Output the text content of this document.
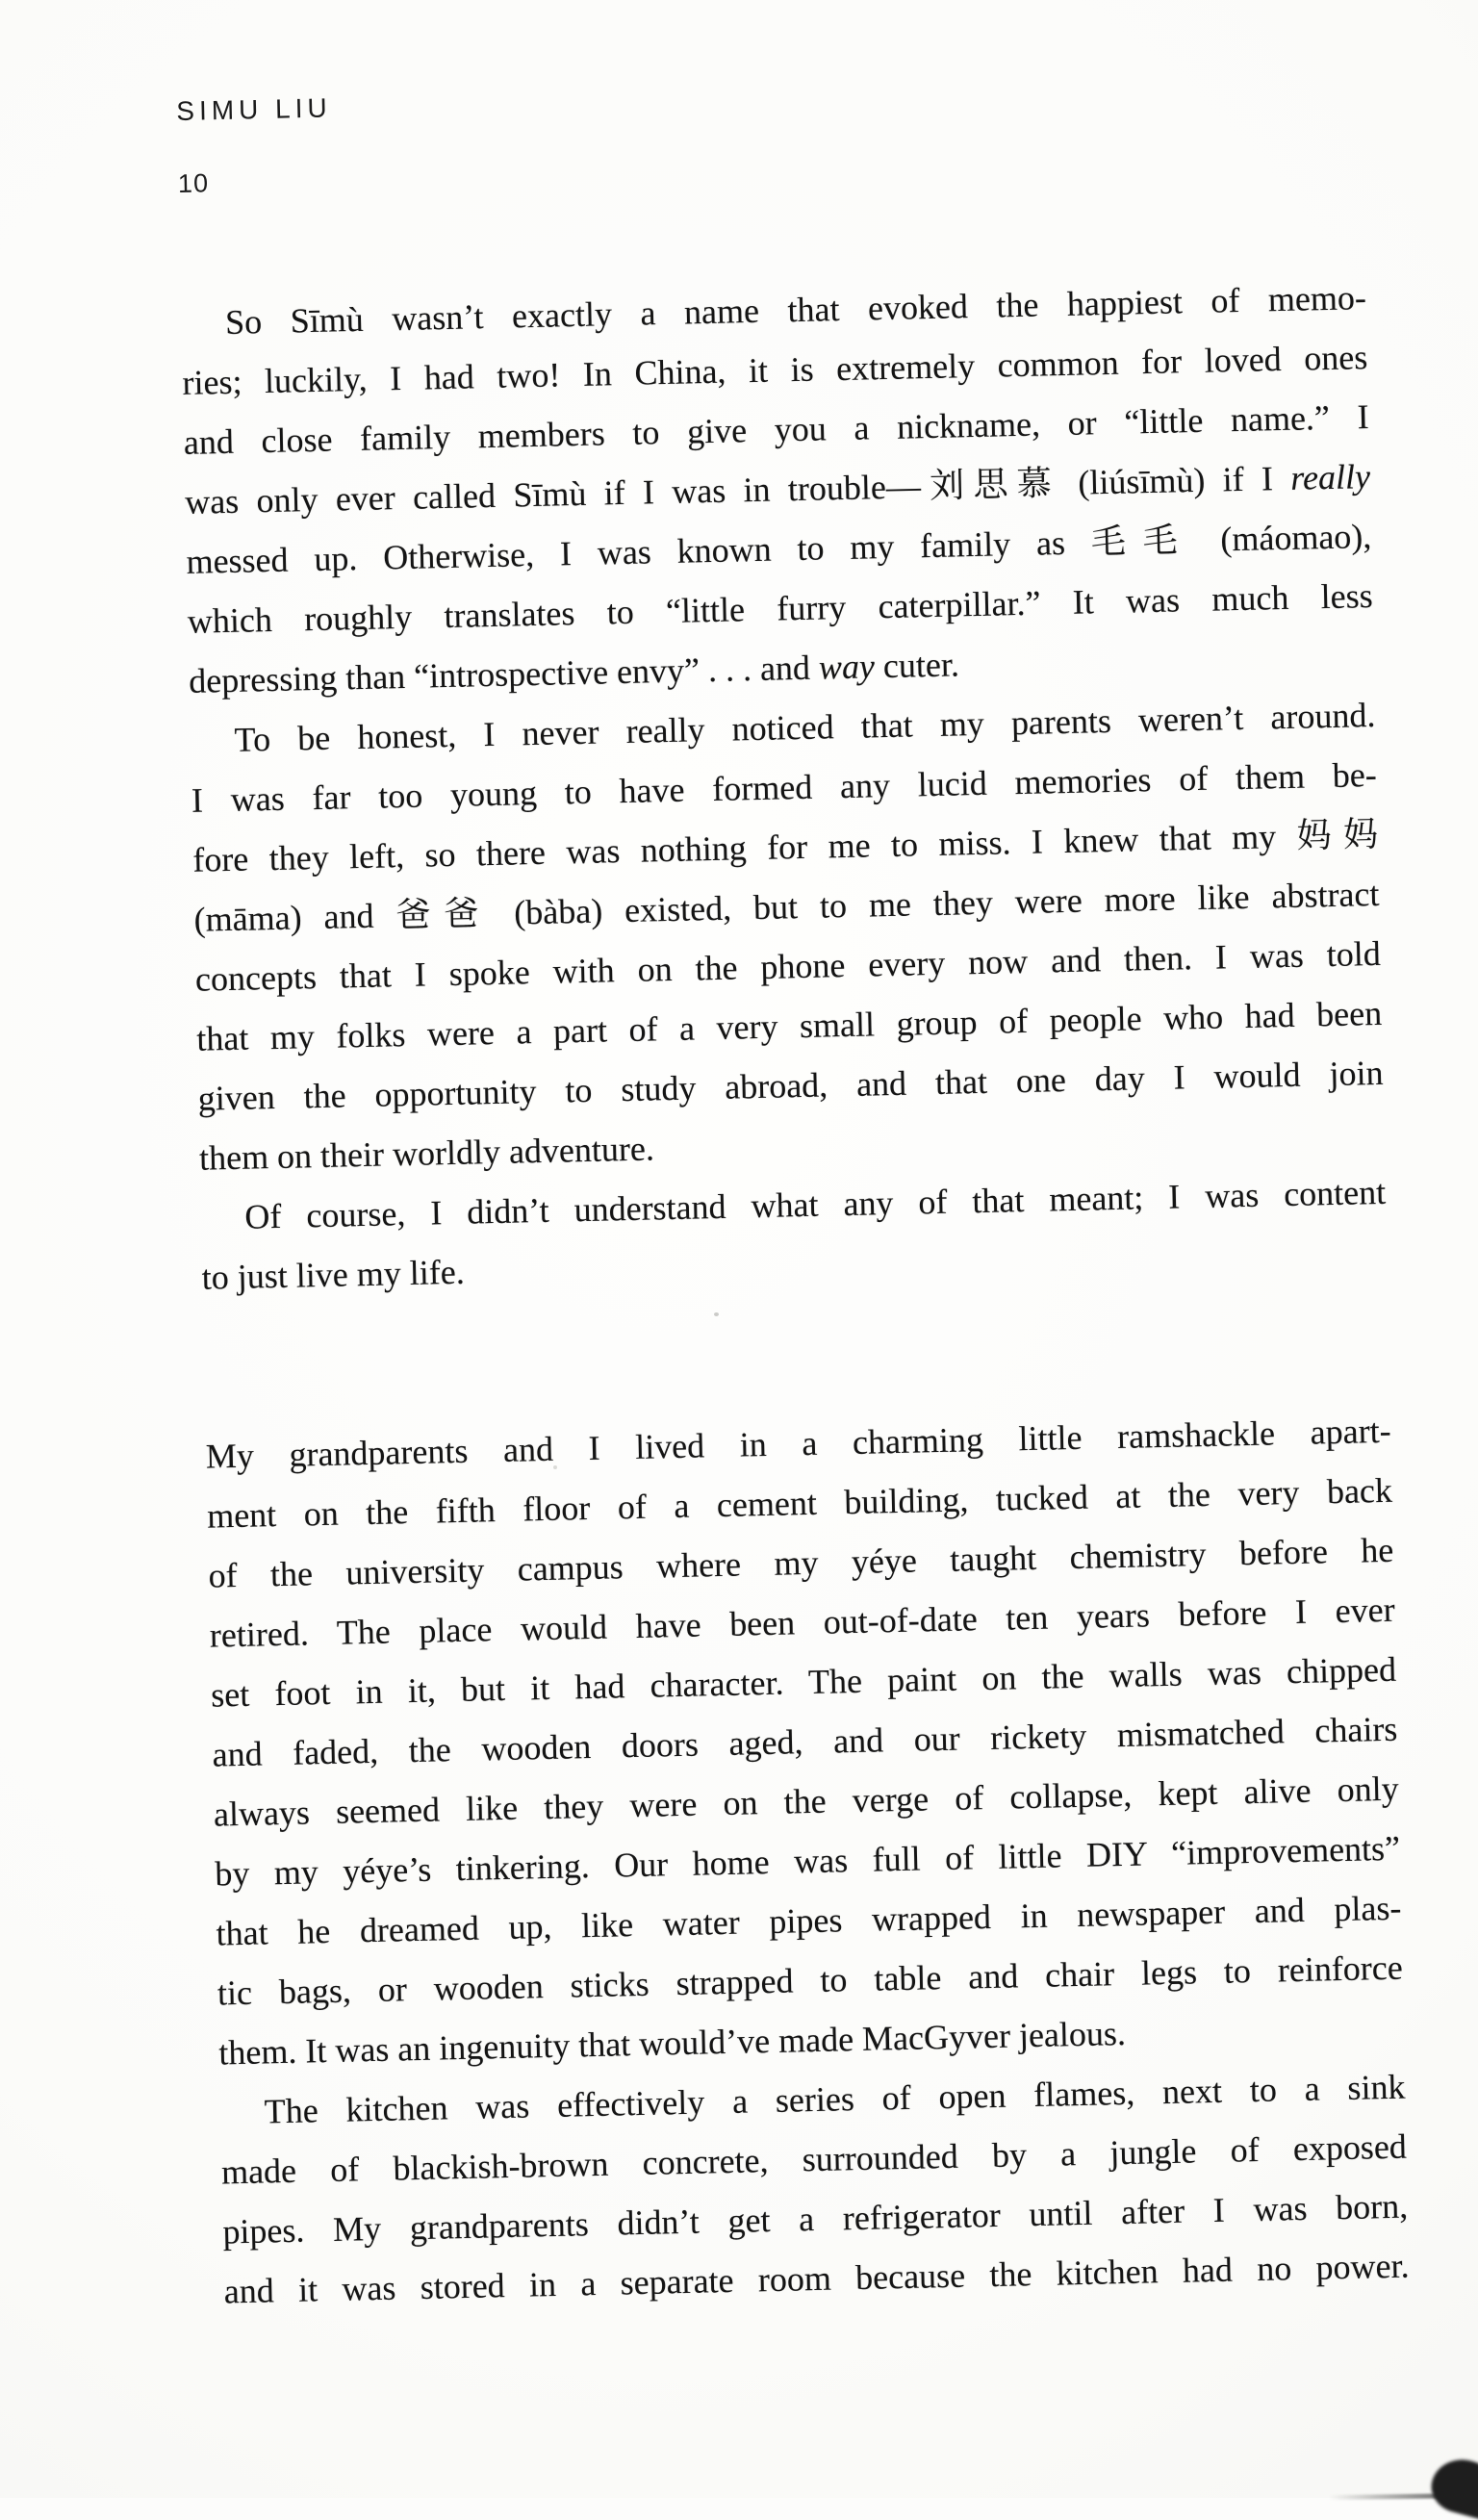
SIMU LIU
10
So Sīmù wasn’t exactly a name that evoked the happiest of memo-
ries; luckily, I had two! In China, it is extremely common for loved ones
and close family members to give you a nickname, or “little name.” I
was only ever called Sīmù if I was in trouble—刘思慕 (liúsīmù) if I really
messed up. Otherwise, I was known to my family as 毛毛 (máomao),
which roughly translates to “little furry caterpillar.” It was much less
depressing than “introspective envy” . . . and way cuter.
To be honest, I never really noticed that my parents weren’t around.
I was far too young to have formed any lucid memories of them be-
fore they left, so there was nothing for me to miss. I knew that my 妈妈
(māma) and 爸爸 (bàba) existed, but to me they were more like abstract
concepts that I spoke with on the phone every now and then. I was told
that my folks were a part of a very small group of people who had been
given the opportunity to study abroad, and that one day I would join
them on their worldly adventure.
Of course, I didn’t understand what any of that meant; I was content
to just live my life.
My grandparents and I lived in a charming little ramshackle apart-
ment on the fifth floor of a cement building, tucked at the very back
of the university campus where my yéye taught chemistry before he
retired. The place would have been out-of-date ten years before I ever
set foot in it, but it had character. The paint on the walls was chipped
and faded, the wooden doors aged, and our rickety mismatched chairs
always seemed like they were on the verge of collapse, kept alive only
by my yéye’s tinkering. Our home was full of little DIY “improvements”
that he dreamed up, like water pipes wrapped in newspaper and plas-
tic bags, or wooden sticks strapped to table and chair legs to reinforce
them. It was an ingenuity that would’ve made MacGyver jealous.
The kitchen was effectively a series of open flames, next to a sink
made of blackish-brown concrete, surrounded by a jungle of exposed
pipes. My grandparents didn’t get a refrigerator until after I was born,
and it was stored in a separate room because the kitchen had no power.
